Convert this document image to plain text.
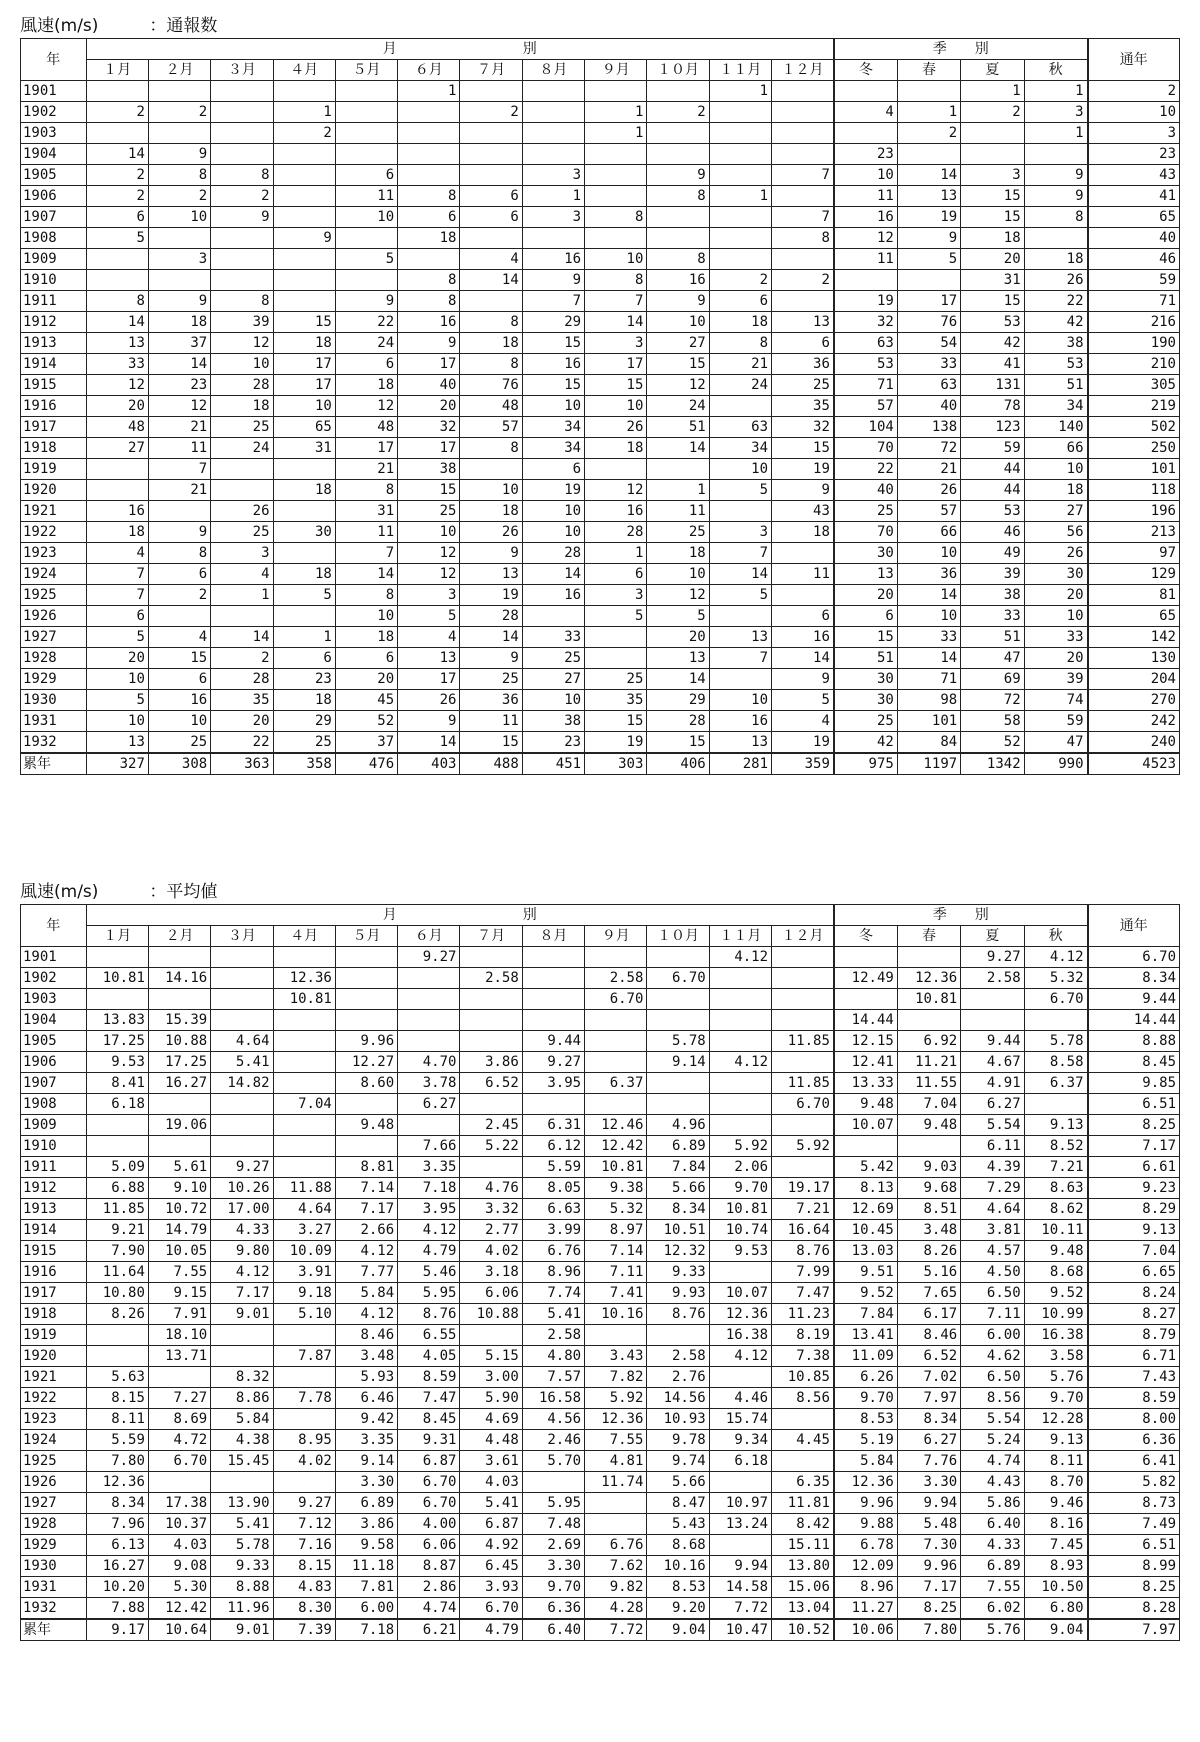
風速(m/s)　　　：通報数
年	月　　　　　　　　　別												季　　別				通年
	１月	２月	３月	４月	５月	６月	７月	８月	９月	１０月	１１月	１２月	冬	春	夏	秋	
1901						1					1				1	1	2
1902	2	2		1			2		1	2			4	1	2	3	10
1903				2					1					2		1	3
1904	14	9											23				23
1905	2	8	8		6			3		9		7	10	14	3	9	43
1906	2	2	2		11	8	6	1		8	1		11	13	15	9	41
1907	6	10	9		10	6	6	3	8			7	16	19	15	8	65
1908	5			9		18						8	12	9	18		40
1909		3			5		4	16	10	8			11	5	20	18	46
1910						8	14	9	8	16	2	2			31	26	59
1911	8	9	8		9	8		7	7	9	6		19	17	15	22	71
1912	14	18	39	15	22	16	8	29	14	10	18	13	32	76	53	42	216
1913	13	37	12	18	24	9	18	15	3	27	8	6	63	54	42	38	190
1914	33	14	10	17	6	17	8	16	17	15	21	36	53	33	41	53	210
1915	12	23	28	17	18	40	76	15	15	12	24	25	71	63	131	51	305
1916	20	12	18	10	12	20	48	10	10	24		35	57	40	78	34	219
1917	48	21	25	65	48	32	57	34	26	51	63	32	104	138	123	140	502
1918	27	11	24	31	17	17	8	34	18	14	34	15	70	72	59	66	250
1919		7			21	38		6			10	19	22	21	44	10	101
1920		21		18	8	15	10	19	12	1	5	9	40	26	44	18	118
1921	16		26		31	25	18	10	16	11		43	25	57	53	27	196
1922	18	9	25	30	11	10	26	10	28	25	3	18	70	66	46	56	213
1923	4	8	3		7	12	9	28	1	18	7		30	10	49	26	97
1924	7	6	4	18	14	12	13	14	6	10	14	11	13	36	39	30	129
1925	7	2	1	5	8	3	19	16	3	12	5		20	14	38	20	81
1926	6				10	5	28		5	5		6	6	10	33	10	65
1927	5	4	14	1	18	4	14	33		20	13	16	15	33	51	33	142
1928	20	15	2	6	6	13	9	25		13	7	14	51	14	47	20	130
1929	10	6	28	23	20	17	25	27	25	14		9	30	71	69	39	204
1930	5	16	35	18	45	26	36	10	35	29	10	5	30	98	72	74	270
1931	10	10	20	29	52	9	11	38	15	28	16	4	25	101	58	59	242
1932	13	25	22	25	37	14	15	23	19	15	13	19	42	84	52	47	240
累年	327	308	363	358	476	403	488	451	303	406	281	359	975	1197	1342	990	4523
風速(m/s)　　　：平均値
年	月　　　　　　　　　別												季　　別				通年
	１月	２月	３月	４月	５月	６月	７月	８月	９月	１０月	１１月	１２月	冬	春	夏	秋	
1901						9.27					4.12				9.27	4.12	6.70
1902	10.81	14.16		12.36			2.58		2.58	6.70			12.49	12.36	2.58	5.32	8.34
1903				10.81					6.70					10.81		6.70	9.44
1904	13.83	15.39											14.44				14.44
1905	17.25	10.88	4.64		9.96			9.44		5.78		11.85	12.15	6.92	9.44	5.78	8.88
1906	9.53	17.25	5.41		12.27	4.70	3.86	9.27		9.14	4.12		12.41	11.21	4.67	8.58	8.45
1907	8.41	16.27	14.82		8.60	3.78	6.52	3.95	6.37			11.85	13.33	11.55	4.91	6.37	9.85
1908	6.18			7.04		6.27						6.70	9.48	7.04	6.27		6.51
1909		19.06			9.48		2.45	6.31	12.46	4.96			10.07	9.48	5.54	9.13	8.25
1910						7.66	5.22	6.12	12.42	6.89	5.92	5.92			6.11	8.52	7.17
1911	5.09	5.61	9.27		8.81	3.35		5.59	10.81	7.84	2.06		5.42	9.03	4.39	7.21	6.61
1912	6.88	9.10	10.26	11.88	7.14	7.18	4.76	8.05	9.38	5.66	9.70	19.17	8.13	9.68	7.29	8.63	9.23
1913	11.85	10.72	17.00	4.64	7.17	3.95	3.32	6.63	5.32	8.34	10.81	7.21	12.69	8.51	4.64	8.62	8.29
1914	9.21	14.79	4.33	3.27	2.66	4.12	2.77	3.99	8.97	10.51	10.74	16.64	10.45	3.48	3.81	10.11	9.13
1915	7.90	10.05	9.80	10.09	4.12	4.79	4.02	6.76	7.14	12.32	9.53	8.76	13.03	8.26	4.57	9.48	7.04
1916	11.64	7.55	4.12	3.91	7.77	5.46	3.18	8.96	7.11	9.33		7.99	9.51	5.16	4.50	8.68	6.65
1917	10.80	9.15	7.17	9.18	5.84	5.95	6.06	7.74	7.41	9.93	10.07	7.47	9.52	7.65	6.50	9.52	8.24
1918	8.26	7.91	9.01	5.10	4.12	8.76	10.88	5.41	10.16	8.76	12.36	11.23	7.84	6.17	7.11	10.99	8.27
1919		18.10			8.46	6.55		2.58			16.38	8.19	13.41	8.46	6.00	16.38	8.79
1920		13.71		7.87	3.48	4.05	5.15	4.80	3.43	2.58	4.12	7.38	11.09	6.52	4.62	3.58	6.71
1921	5.63		8.32		5.93	8.59	3.00	7.57	7.82	2.76		10.85	6.26	7.02	6.50	5.76	7.43
1922	8.15	7.27	8.86	7.78	6.46	7.47	5.90	16.58	5.92	14.56	4.46	8.56	9.70	7.97	8.56	9.70	8.59
1923	8.11	8.69	5.84		9.42	8.45	4.69	4.56	12.36	10.93	15.74		8.53	8.34	5.54	12.28	8.00
1924	5.59	4.72	4.38	8.95	3.35	9.31	4.48	2.46	7.55	9.78	9.34	4.45	5.19	6.27	5.24	9.13	6.36
1925	7.80	6.70	15.45	4.02	9.14	6.87	3.61	5.70	4.81	9.74	6.18		5.84	7.76	4.74	8.11	6.41
1926	12.36				3.30	6.70	4.03		11.74	5.66		6.35	12.36	3.30	4.43	8.70	5.82
1927	8.34	17.38	13.90	9.27	6.89	6.70	5.41	5.95		8.47	10.97	11.81	9.96	9.94	5.86	9.46	8.73
1928	7.96	10.37	5.41	7.12	3.86	4.00	6.87	7.48		5.43	13.24	8.42	9.88	5.48	6.40	8.16	7.49
1929	6.13	4.03	5.78	7.16	9.58	6.06	4.92	2.69	6.76	8.68		15.11	6.78	7.30	4.33	7.45	6.51
1930	16.27	9.08	9.33	8.15	11.18	8.87	6.45	3.30	7.62	10.16	9.94	13.80	12.09	9.96	6.89	8.93	8.99
1931	10.20	5.30	8.88	4.83	7.81	2.86	3.93	9.70	9.82	8.53	14.58	15.06	8.96	7.17	7.55	10.50	8.25
1932	7.88	12.42	11.96	8.30	6.00	4.74	6.70	6.36	4.28	9.20	7.72	13.04	11.27	8.25	6.02	6.80	8.28
累年	9.17	10.64	9.01	7.39	7.18	6.21	4.79	6.40	7.72	9.04	10.47	10.52	10.06	7.80	5.76	9.04	7.97
